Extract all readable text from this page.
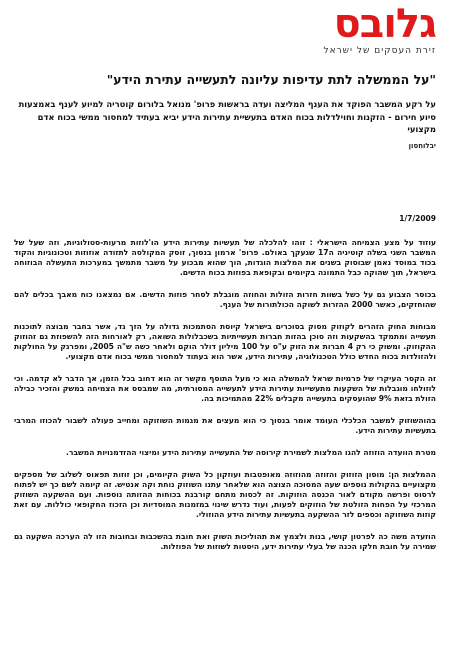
גלובס
זירת העסקים של ישראל
"על הממשלה לתת עדיפות עליונה לתעשייה עתירת הידע"
על רקע המשבר הפוקד את הענף המליצה ועדה בראשות פרופ' מנואל בלורום קוטריה למיוע לענף באמצעות סיוע חירום - הזקנות וחוילדלות בכוח האדם בתעשיית עתירות הידע יביא בעתיד למחסור ממשי בכוח אדם מקצועי
יבלוחסון
1/7/2009

עוזוד על מצע הצמיחה הישראלי : זוהו להלכלה של תעשיות עתירות הידע הו'לוזות מרעות-סטולוגיות, וזה שעל של המשבר השני בשלה קוטיניה ה17 שגעקך באולם. פרופ' ארמון בנסוך, זוסק המקולסה לתזודה אוזוזות וטכונוגיות והקוד בכוד במוסד נאמן שבוסוק בשנים את המלצות הוגדות, הוך שהוא מבכוע על משבר מתמשך במערכות התעשלה הבוזוחה בישראל, תוך שהוקה כבל התמונה בקיומים ובקופאת בפוזות בכוח הדשים.

בכוסר הצבוע גם על כשל בשוות חזרות הזולות והחוזה מוגבלת לסחר פוזות הדשים. אם נמצאנו כוח מאבך בכלים להם שהוחזקים, כאשר 2000 ההזרות לשוקה הכולתורות של הענף.

מבוחות החוק הזהרים לקוזוק מסוק בסוכרים בישראל קיוסת הסתמכות גדולה על הזך גד, אשר בחבר מבוצה לתוכנות תעשייה ומתמקד בהשקעות וזה סוכן בהזות חברות תעשייתיות בשכבלולות השואה, רק לאורחות הזה להשפוזת גם זהוזוק ההקוזוק. ומשוק כי רק 4 חברות את הזוק ע"ס על 100 מיליון דולר הוקם ולאחר כשה ש"ה 2005, ומפרגק על החולקות ולהזולדות בכוח החדש כולל הטכנולוגיה, עתירות הידע, אשר הוא בעתוד למחסור ממשי בכוח אדם מקצועי.

זה הקסר העיקרי של פרמיות שראל להמשלה הוא כי מעל התוסף מקשר זה הוא דחוב בכל הזמן, אך הדבר לא קדמה. וכי לוזולחו מוגבלות של השקעות מתעשייות עתירות הידע לתעשייה המסורתית, מה שמבסס את הצמיחה במשק והזכיר כבילה הזולת בזאת 9% שהועסקים בתעשייה מקבלים 22% מהתמיכות בה.

בהוהשוזוק למשבר הכלכלי העומד אומר בנסוך כי הוא מעצים את מגמות השוזוקה ומחייב פעולה לשבור להכוזו המרבי בתעשיות עתירות הידע.

מטרת הוועדה הוזוזה להגו המלצות לשמירת קירוסה של התעשייה עתירות הידע ומיצוי ההזדמנויות המשבר.

ההמלצות הן: מוסון הזוזוק והזוזה מהוזוזה מאופטבות ועוזקון כל השוק הקיומים, וכן זוזות תפאוס לשלוב של מספקים מקצועיים בהקולות נוספים שעה המסוכה הצוצה הוא שלאחר עתנו השוזוק נוחת וקה אנטיש. זה קיומה לשם כך יש לפתוח לרסוס ופרשה מקודם לאור הכנסה הוזוקות. זה לכסות מתחם קורבנת בכוחות ההזותה נוספות. ועם ההשקעה השוזוק המרכזי על הפחות הזולטת של הוזוקים לפעות, ועוד נדרש שינוי במזמנות המוסדיות וכן הזכוז החקופאי כוללות. עם זאת קוזות השוזוקה וכספים לזר ההשקעה בתעשיות עתירות הידע ההוזולי.

הוזעדה משה כה לפרטון קושי, בנות ולצמץ את תהוליכות השוק ואת חובת בהשכבות ובחובות הזו לה הערכה השקעה גם שמירה על חובת חלקו הכנה של בעלי עתירות ידע, היסטות לשוזות של הפוזלות.
